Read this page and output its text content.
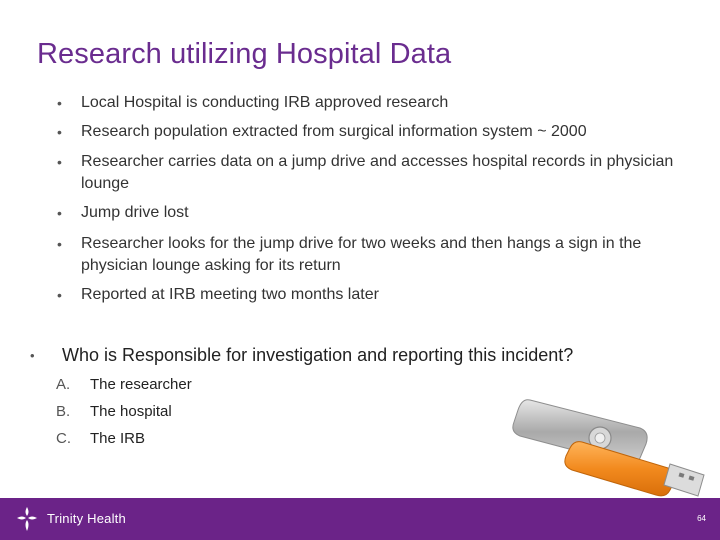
Research utilizing Hospital Data
• Local Hospital is conducting IRB approved research
• Research population extracted from surgical information system ~ 2000
• Researcher carries data on a jump drive and accesses hospital records in physician lounge
• Jump drive lost
• Researcher looks for the jump drive for two weeks and then hangs a sign in the physician lounge asking for its return
• Reported at IRB meeting two months later
• Who is Responsible for investigation and reporting this incident?
A. The researcher
B. The hospital
C. The IRB
Trinity Health	64
